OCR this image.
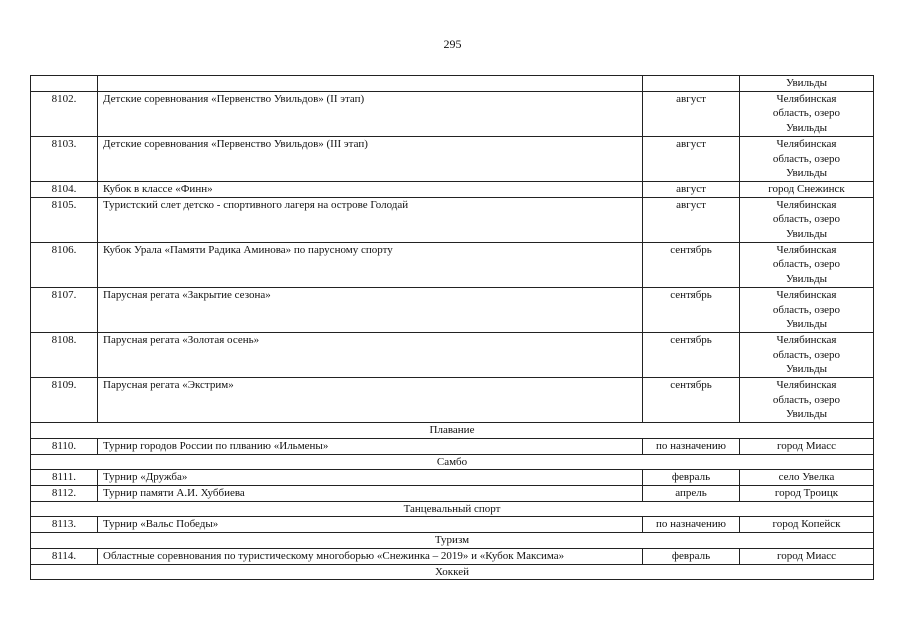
295
			Увильды
8102.	Детские соревнования «Первенство Увильдов» (II этап)	август	Челябинская
область, озеро
Увильды

8103.	Детские соревнования «Первенство Увильдов» (III этап)	август	Челябинская
область, озеро
Увильды

8104.	Кубок в классе «Финн»	август	город Снежинск

8105.	Туристский слет детско - спортивного лагеря на острове Голодай	август	Челябинская
область, озеро
Увильды

8106.	Кубок Урала «Памяти Радика Аминова» по парусному спорту	сентябрь	Челябинская
область, озеро
Увильды

8107.	Парусная регата «Закрытие сезона»	сентябрь	Челябинская
область, озеро
Увильды

8108.	Парусная регата «Золотая осень»	сентябрь	Челябинская
область, озеро
Увильды

8109.	Парусная регата «Экстрим»	сентябрь	Челябинская
область, озеро
Увильды

Плавание			
8110.	Турнир городов России по плванию «Ильмены»	по назначению	город Миасс

Самбо			
8111.	Турнир «Дружба»	февраль	село Увелка

8112.	Турнир памяти А.И. Хуббиева	апрель	город Троицк

Танцевальный спорт			
8113.	Турнир «Вальс Победы»	по назначению	город Копейск

Туризм			
8114.	Областные соревнования по туристическому многоборью «Снежинка – 2019» и «Кубок Максима»	февраль	город Миасс

Хоккей			
